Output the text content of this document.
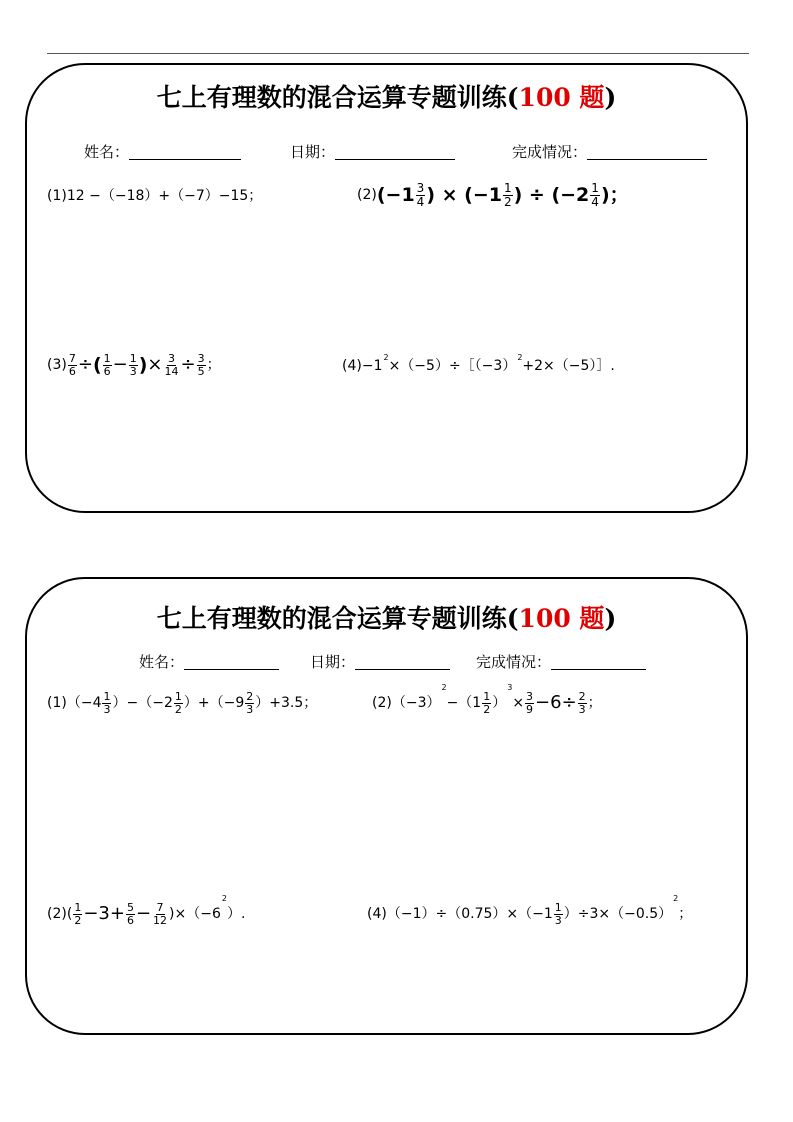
七上有理数的混合运算专题训练(100 题)
姓名：	日期：	完成情况：
(1) 12 −（−18）+（−7）−15；	(2) ($-1 \frac{3}{4}$ ) × ($-1 \frac{1}{2}$ ) ÷ ($-2 \frac{1}{4}$ )；
$(3) \frac{7}{6}$ ÷ ( $\frac{1}{6} - \frac{1}{3}$ ) × $\frac{3}{14} \div \frac{3}{5}$ ；	(4) −1
2
×（−5）÷［（−3）
2
+2×（−5）］.
七上有理数的混合运算专题训练(100 题)
姓名：	日期：	完成情况：
(1) $(-4 \frac{1}{3} )-(-2 \frac{1}{2} )+(-9 \frac{2}{3} )+3.5$；	(2) （−3）
2
$-(1 \frac{1}{2}$ ）
3
× $\frac{3}{9} -6\div \frac{2}{3}$ ；
(2) ( $\frac{1}{2} -3+ \frac{5}{6} - \frac{7}{12} )\times(-6$
2
）.	(4) $(-1)\div(0.75)\times(-1 \frac{1}{3} )\div 3\times(-0.5)$
2
；
